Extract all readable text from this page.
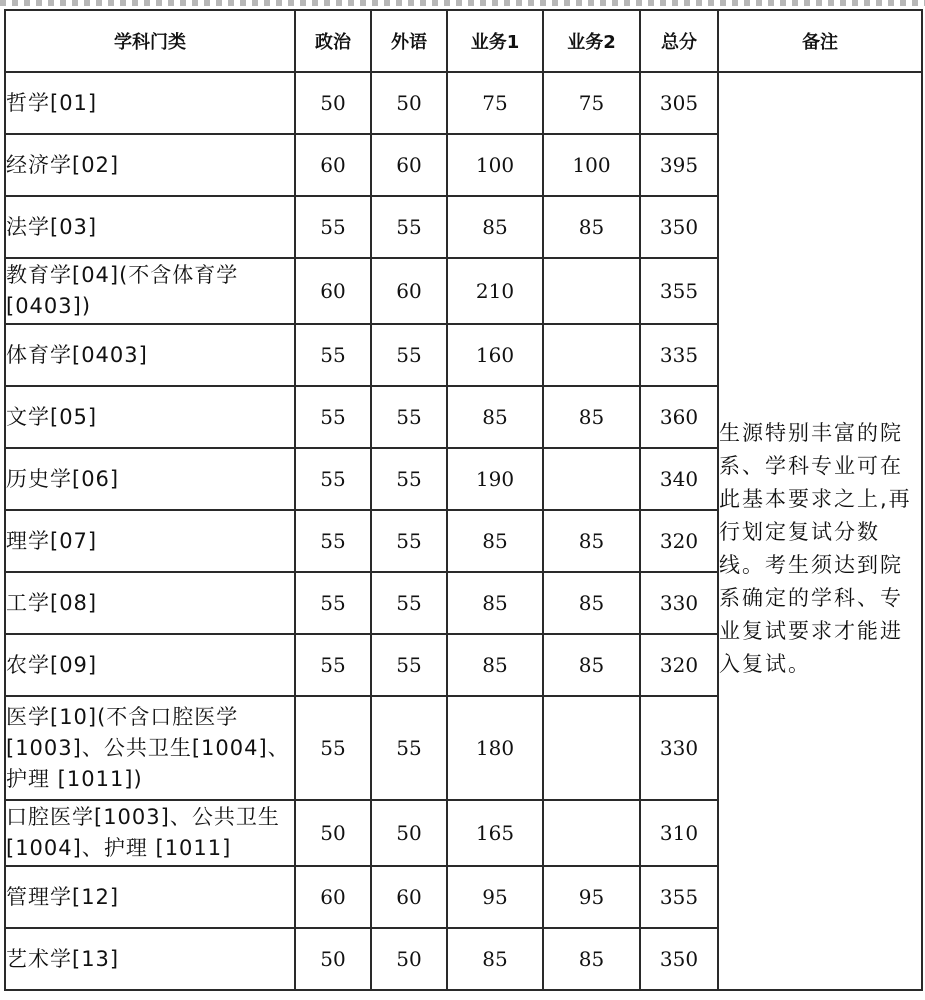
学科门类	政治	外语	业务1	业务2	总分	备注
哲学[01]	50	50	75	75	305	生源特别丰富的院系、学科专业可在此基本要求之上,再行划定复试分数线。考生须达到院系确定的学科、专业复试要求才能进入复试。

经济学[02]	60	60	100	100	395	
法学[03]	55	55	85	85	350	
教育学[04](不含体育学[0403])	60	60	210		355	
体育学[0403]	55	55	160		335	
文学[05]	55	55	85	85	360	
历史学[06]	55	55	190		340	
理学[07]	55	55	85	85	320	
工学[08]	55	55	85	85	330	
农学[09]	55	55	85	85	320	
医学[10](不含口腔医学[1003]、公共卫生[1004]、护理 [1011])	55	55	180		330	
口腔医学[1003]、公共卫生 [1004]、护理 [1011]	50	50	165		310	
管理学[12]	60	60	95	95	355	
艺术学[13]	50	50	85	85	350	
